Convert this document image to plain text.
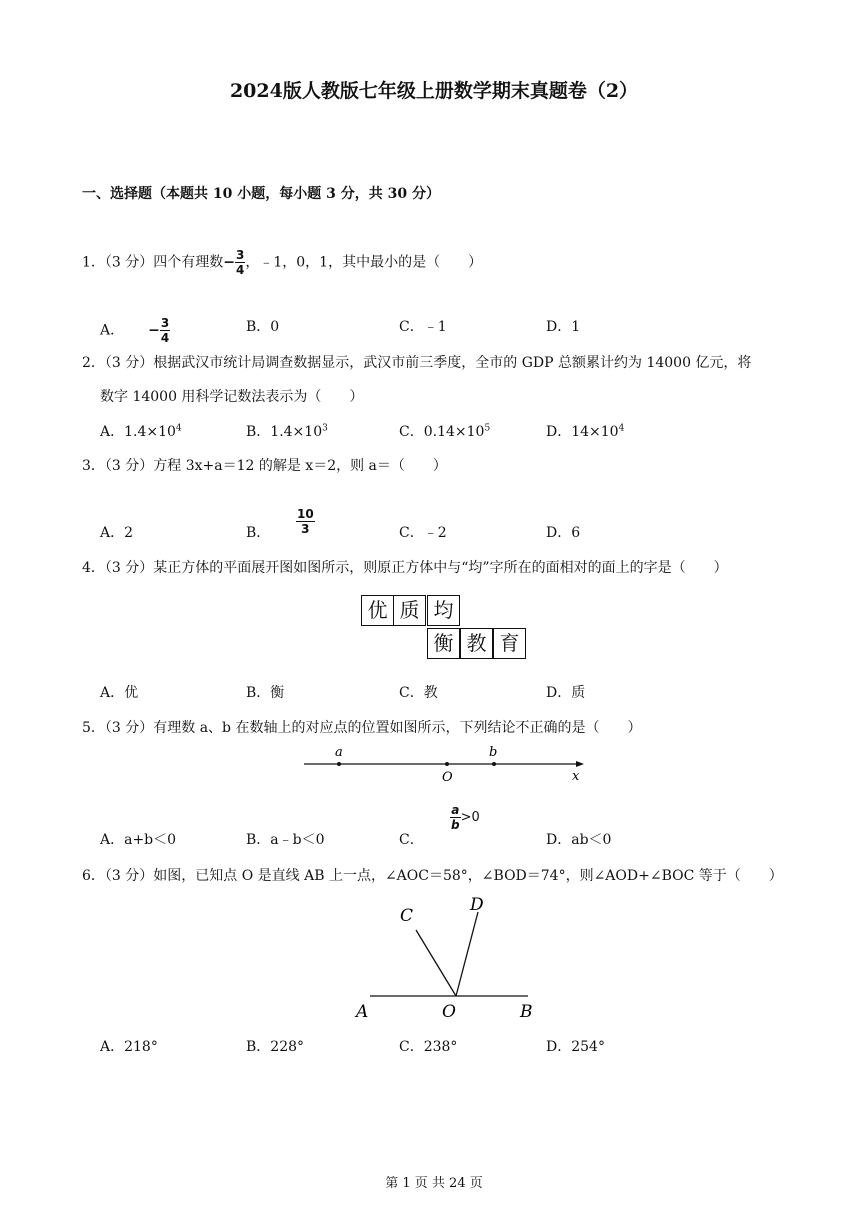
2024版人教版七年级上册数学期末真题卷（2）
一、选择题（本题共 10 小题，每小题 3 分，共 30 分）
1．（3 分）四个有理数− $\frac{3}{4}$ ，﹣1，0，1，其中最小的是（　　）
A． − $\frac{3}{4}$	B．0	C．﹣1	D．1
2．（3 分）根据武汉市统计局调查数据显示，武汉市前三季度，全市的 GDP 总额累计约为 14000 亿元，将
数字 14000 用科学记数法表示为（　　）
A．$1.4\times 10^4$	B．$1.4\times 10^3$	C．$0.14\times 10^5$	D．$14\times 10^4$
3．（3 分）方程 3x+a＝12 的解是 x＝2，则 a＝（　　）
A．2	B． $\frac{10}{3}$	C．﹣2	D．6
4．（3 分）某正方体的平面展开图如图所示，则原正方体中与“均”字所在的面相对的面上的字是（　　）
优 质 均
衡 教 育
A．优	B．衡	C．教	D．质
5．（3 分）有理数 a、b 在数轴上的对应点的位置如图所示，下列结论不正确的是（　　）
a	b
O	x
A．a+b＜0	B．a﹣b＜0	C．
$\frac{a}{b} >0$
D．ab＜0
6．（3 分）如图，已知点 O 是直线 AB 上一点，∠AOC＝58°，∠BOD＝74°，则∠AOD+∠BOC 等于（　　）
C
D
A	O	B
A．218°	B．228°	C．238°	D．254°
第 1 页 共 24 页
